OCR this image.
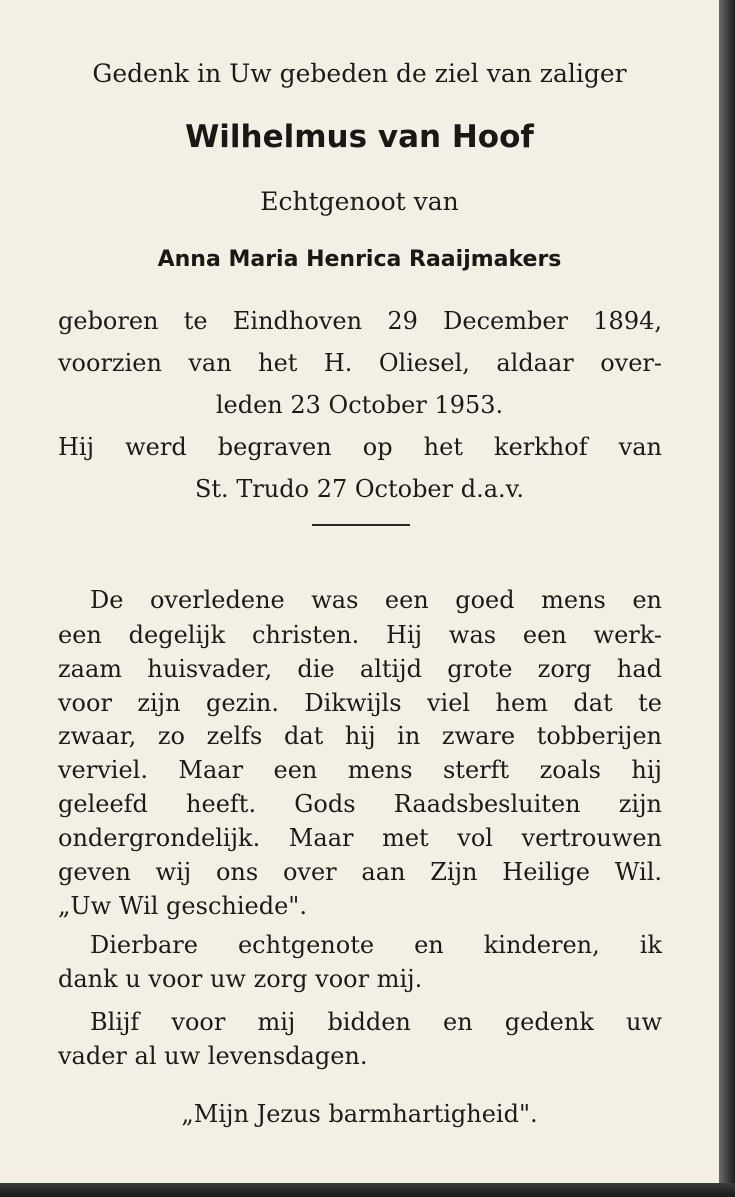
Gedenk in Uw gebeden de ziel van zaliger

Wilhelmus van Hoof

Echtgenoot van

Anna Maria Henrica Raaijmakers

geboren te Eindhoven 29 December 1894,

voorzien van het H. Oliesel, aldaar over-

leden 23 October 1953.

Hij werd begraven op het kerkhof van

St. Trudo 27 October d.a.v.

De overledene was een goed mens en

een degelijk christen. Hij was een werk-

zaam huisvader, die altijd grote zorg had

voor zijn gezin. Dikwijls viel hem dat te

zwaar, zo zelfs dat hij in zware tobberijen

verviel. Maar een mens sterft zoals hij

geleefd heeft. Gods Raadsbesluiten zijn

ondergrondelijk. Maar met vol vertrouwen

geven wij ons over aan Zijn Heilige Wil.

„Uw Wil geschiede".

Dierbare echtgenote en kinderen, ik

dank u voor uw zorg voor mij.

Blijf voor mij bidden en gedenk uw

vader al uw levensdagen.

„Mijn Jezus barmhartigheid".
